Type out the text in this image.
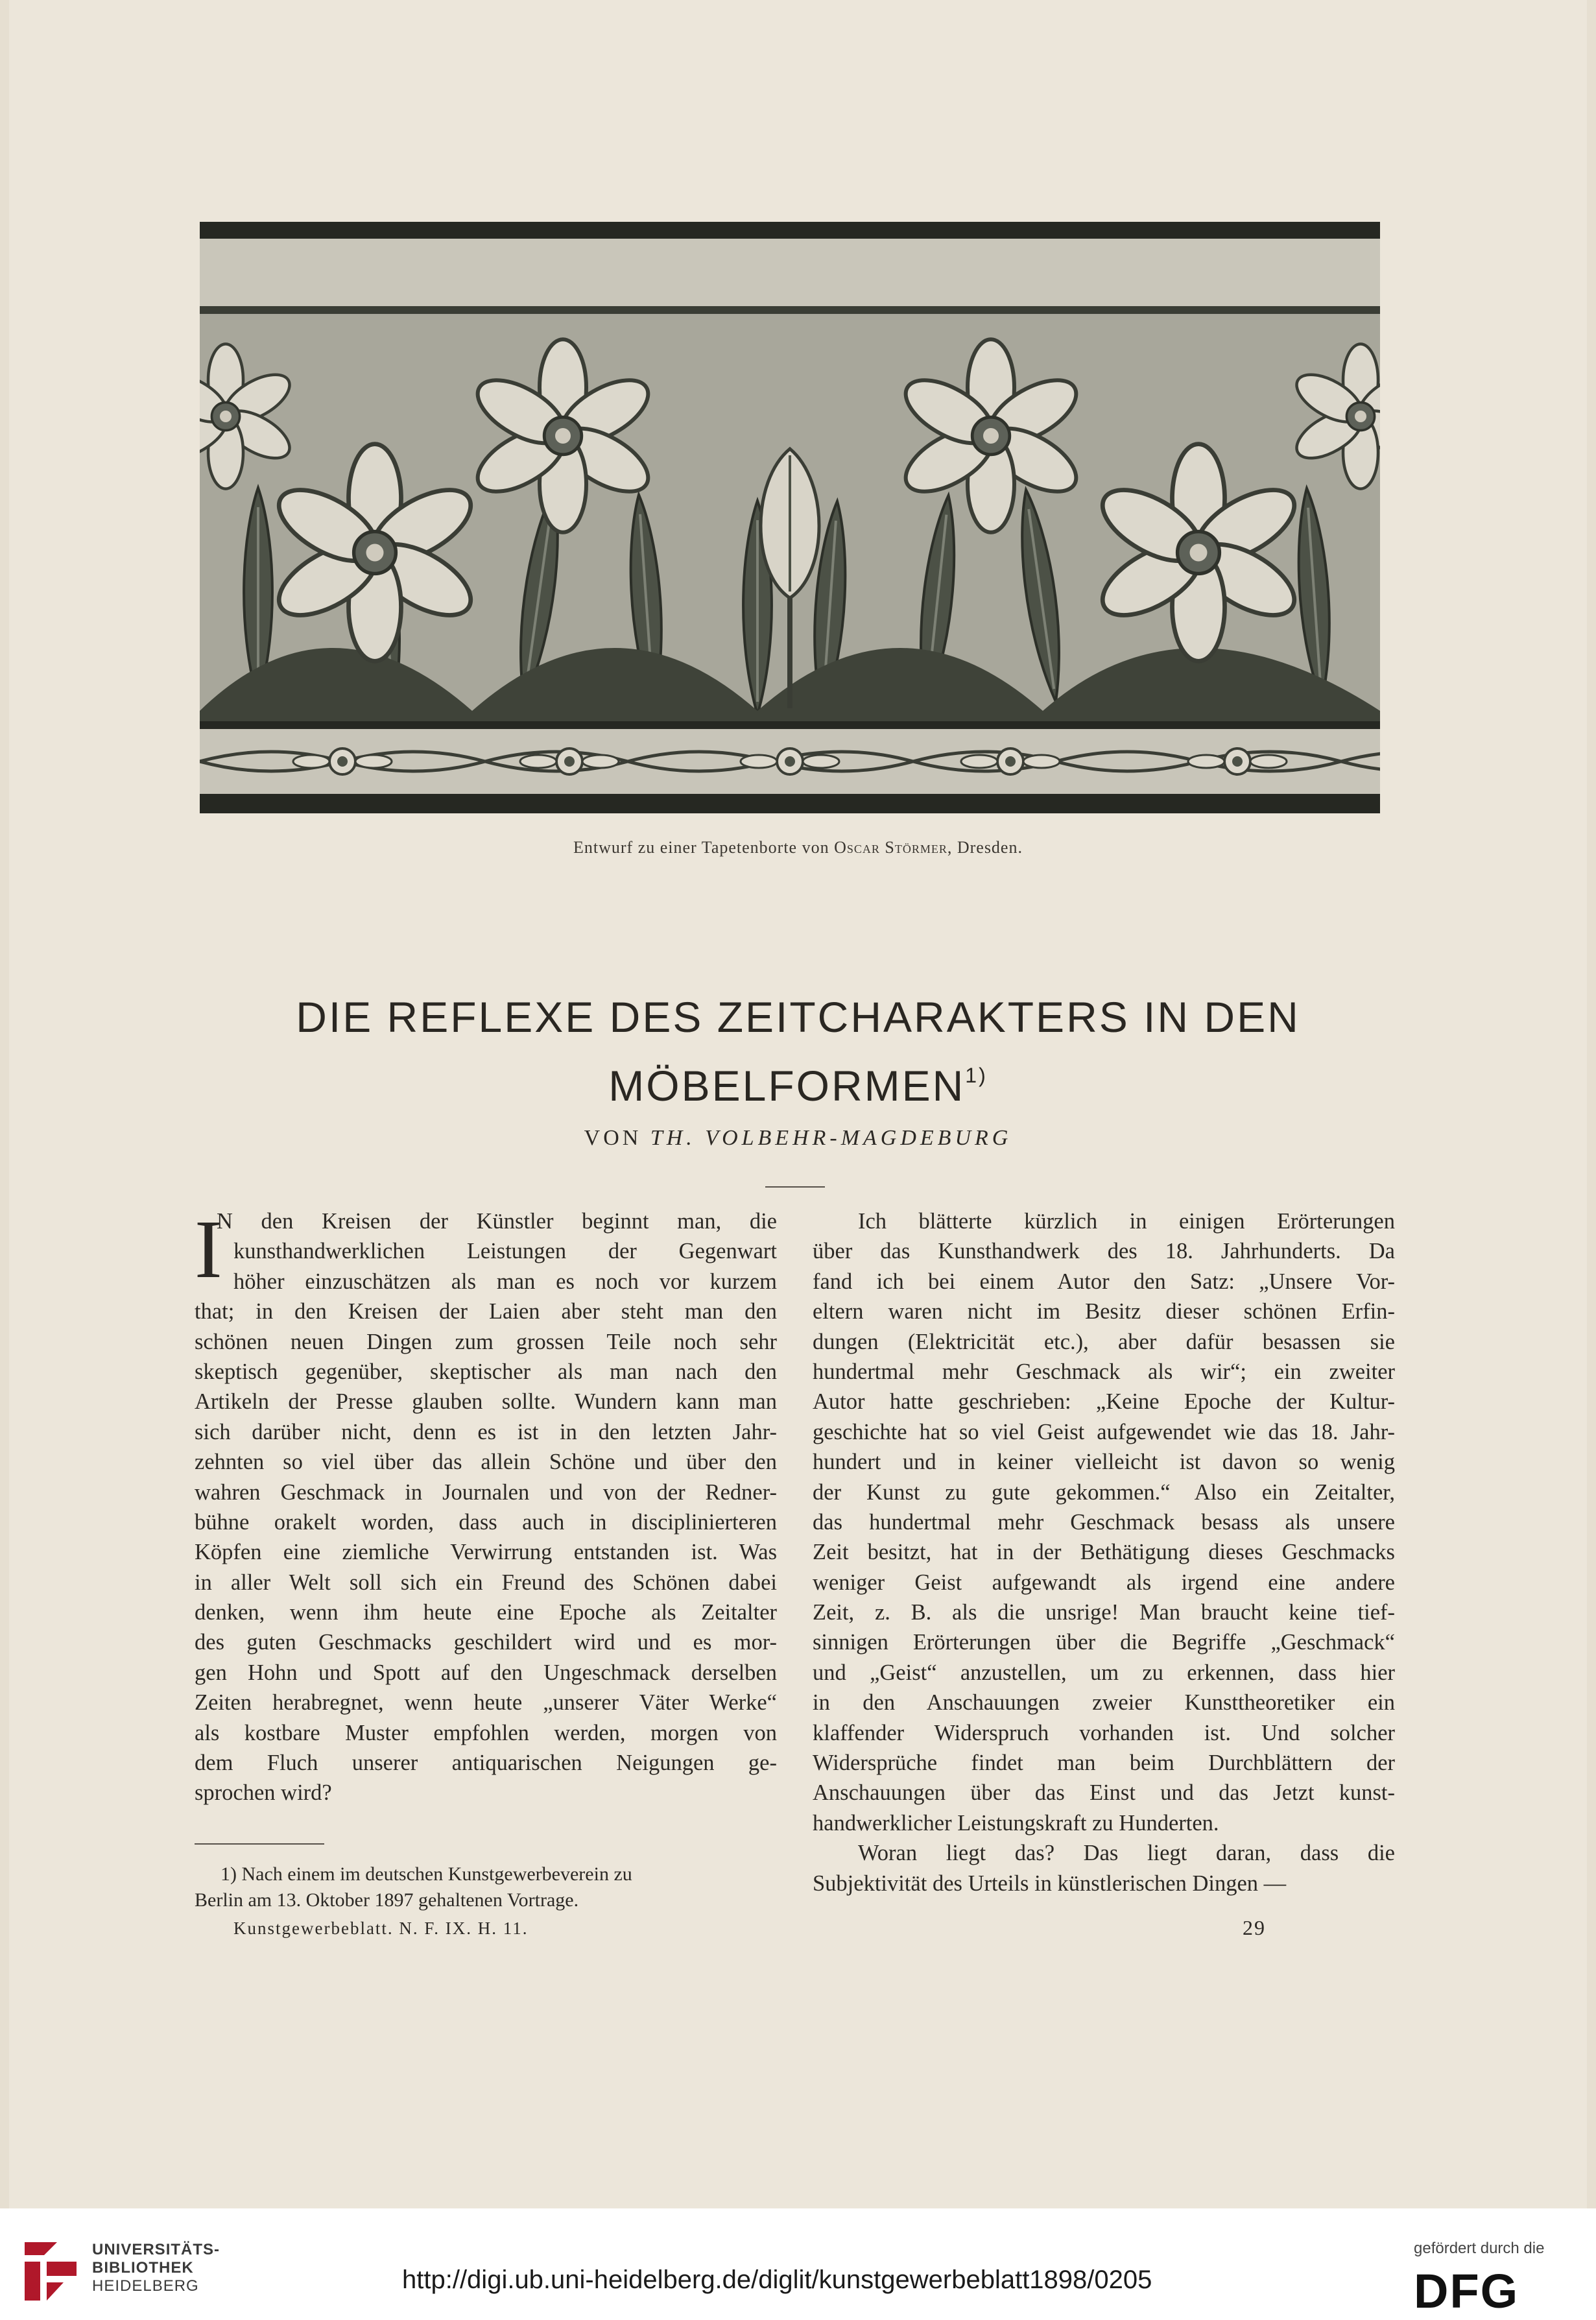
Entwurf zu einer Tapetenborte von Oscar Störmer, Dresden.
DIE REFLEXE DES ZEITCHARAKTERS IN DEN
MÖBELFORMEN$^{1)}$
VON TH. VOLBEHR-MAGDEBURG
I
N den Kreisen der Künstler beginnt man, die
kunsthandwerklichen Leistungen der Gegenwart
höher einzuschätzen als man es noch vor kurzem
that; in den Kreisen der Laien aber steht man den
schönen neuen Dingen zum grossen Teile noch sehr
skeptisch gegenüber, skeptischer als man nach den
Artikeln der Presse glauben sollte. Wundern kann man
sich darüber nicht, denn es ist in den letzten Jahr-
zehnten so viel über das allein Schöne und über den
wahren Geschmack in Journalen und von der Redner-
bühne orakelt worden, dass auch in disciplinierteren
Köpfen eine ziemliche Verwirrung entstanden ist. Was
in aller Welt soll sich ein Freund des Schönen dabei
denken, wenn ihm heute eine Epoche als Zeitalter
des guten Geschmacks geschildert wird und es mor-
gen Hohn und Spott auf den Ungeschmack derselben
Zeiten herabregnet, wenn heute „unserer Väter Werke“
als kostbare Muster empfohlen werden, morgen von
dem Fluch unserer antiquarischen Neigungen ge-
sprochen wird?
Ich blätterte kürzlich in einigen Erörterungen
über das Kunsthandwerk des 18. Jahrhunderts. Da
fand ich bei einem Autor den Satz: „Unsere Vor-
eltern waren nicht im Besitz dieser schönen Erfin-
dungen (Elektricität etc.), aber dafür besassen sie
hundertmal mehr Geschmack als wir“; ein zweiter
Autor hatte geschrieben: „Keine Epoche der Kultur-
geschichte hat so viel Geist aufgewendet wie das 18. Jahr-
hundert und in keiner vielleicht ist davon so wenig
der Kunst zu gute gekommen.“ Also ein Zeitalter,
das hundertmal mehr Geschmack besass als unsere
Zeit besitzt, hat in der Bethätigung dieses Geschmacks
weniger Geist aufgewandt als irgend eine andere
Zeit, z. B. als die unsrige! Man braucht keine tief-
sinnigen Erörterungen über die Begriffe „Geschmack“
und „Geist“ anzustellen, um zu erkennen, dass hier
in den Anschauungen zweier Kunsttheoretiker ein
klaffender Widerspruch vorhanden ist. Und solcher
Widersprüche findet man beim Durchblättern der
Anschauungen über das Einst und das Jetzt kunst-
handwerklicher Leistungskraft zu Hunderten.
Woran liegt das? Das liegt daran, dass die
Subjektivität des Urteils in künstlerischen Dingen —
1) Nach einem im deutschen Kunstgewerbeverein zu
Berlin am 13. Oktober 1897 gehaltenen Vortrage.
Kunstgewerbeblatt. N. F. IX. H. 11.	29
UNIVERSITÄTS-
BIBLIOTHEK
HEIDELBERG	http://digi.ub.uni-heidelberg.de/diglit/kunstgewerbeblatt1898/0205
gefördert durch die
DFG
